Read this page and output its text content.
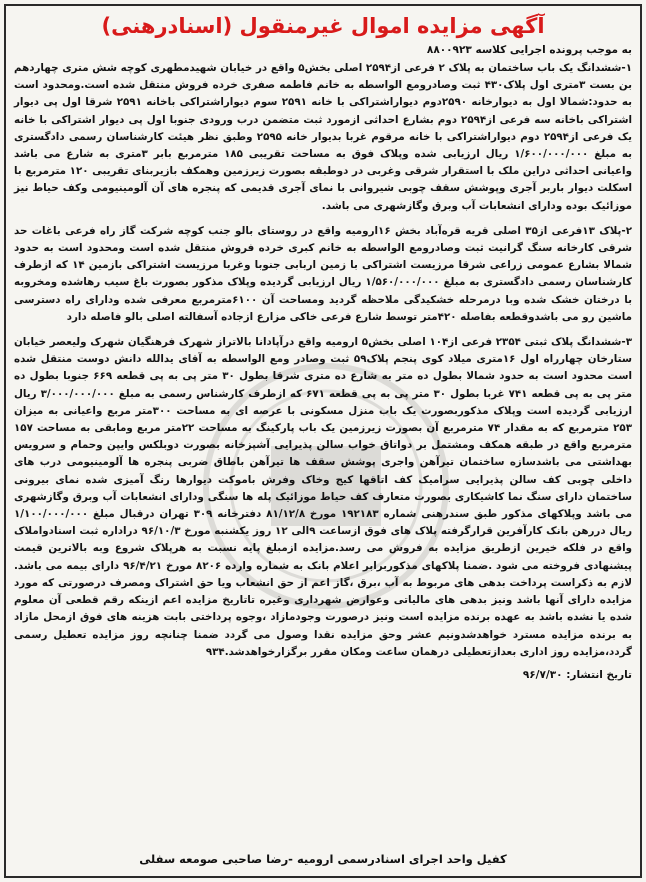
آگهی مزایده اموال غیرمنقول (اسنادرهنی)
به موجب پرونده اجرایی کلاسه ۸۸۰۰۹۲۳

۱-ششدانگ یک باب ساختمان به پلاک ۲ فرعی از۲۵۹۴ اصلی بخش۵ واقع در خیابان شهیدمطهری کوچه شش متری چهاردهم بن بست ۳متری اول پلاک۴۳۰ ثبت وصادرومع الواسطه به خانم فاطمه صفری خرده فروش منتقل شده است.ومحدود است به حدود:شمالا اول به دیوارخانه ۲۵۹۰دوم دیواراشتراکی با خانه ۲۵۹۱ سوم دیواراشتراکی باخانه ۲۵۹۱ شرقا اول پی دیوار اشتراکی باخانه سه فرعی از۲۵۹۴ دوم بشارع احداثی ازمورد ثبت متضمن درب ورودی جنوبا اول پی دیوار اشتراکی با خانه یک فرعی از۲۵۹۴ دوم دیواراشتراکی با خانه مرقوم غربا بدیوار خانه ۲۵۹۵ وطبق نظر هیئت کارشناسان رسمی دادگستری به مبلغ ۱/۶۰۰/۰۰۰/۰۰۰ ریال ارزیابی شده وپلاک فوق به مساحت تقریبی ۱۸۵ مترمربع بابر ۳متری به شارع می باشد واعیانی احداثی دراین ملک با استقرار شرقی وغربی در دوطبقه بصورت زیرزمین وهمکف بازیربنای تقریبی ۱۲۰ مترمربع با اسکلت دیوار باربر آجری وپوشش سقف چوبی شیروانی با نمای آجری قدیمی که پنجره های آن آلومینیومی وکف حیاط نیز موزائیک بوده ودارای انشعابات آب وبرق وگازشهری می باشد.

۲-پلاک ۱۳فرعی از۳۵ اصلی قریه قره‌آباد بخش ۱۶ارومیه واقع در روستای بالو جنب کوچه شرکت گاز راه فرعی باغات حد شرقی کارخانه سنگ گرانیت ثبت وصادرومع الواسطه به خانم کبری خرده فروش منتقل شده است ومحدود است به حدود شمالا بشارع عمومی زراعی شرقا مرزیست اشتراکی با زمین اربابی جنوبا وغربا مرزیست اشتراکی بازمین ۱۴ که ازطرف کارشناسان رسمی دادگستری به مبلغ ۱/۵۶۰/۰۰۰/۰۰۰ ریال ارزیابی گردیده وپلاک مذکور بصورت باغ سیب رهاشده ومخروبه با درختان خشک شده وبا درمرحله خشکیدگی ملاحظه گردید ومساحت آن ۶۱۰۰مترمربع معرفی شده ودارای راه دسترسی ماشین رو می باشدوقطعه بفاصله ۴۲۰متر توسط شارع فرعی خاکی مزارع ازجاده آسفالته اصلی بالو فاصله دارد

۳-ششدانگ پلاک ثبتی ۲۳۵۴ فرعی از۱۰۴ اصلی بخش۵ ارومیه واقع درآپادانا بالاتراز شهرک فرهنگیان شهرک ولیعصر خیابان ستارخان چهارراه اول ۱۶متری میلاد کوی پنجم پلاک۵۹ ثبت وصادر ومع الواسطه به آقای یدالله دانش دوست منتقل شده است محدود است به حدود شمالا بطول ده متر به شارع ده متری شرقا بطول ۳۰ متر پی به پی قطعه ۶۶۹ جنوبا بطول ده متر پی به پی قطعه ۷۴۱ غربا بطول ۳۰ متر پی به پی قطعه ۶۷۱ که ازطرف کارشناس رسمی به مبلغ ۳/۰۰۰/۰۰۰/۰۰۰ ریال ارزیابی گردیده است وپلاک مذکوربصورت یک باب منزل مسکونی با عرصه ای به مساحت ۳۰۰متر مربع واعیانی به میزان ۲۵۳ مترمربع که به مقدار ۷۴ مترمربع آن بصورت زیرزمین یک باب پارکینگ به مساحت ۲۲متر مربع ومابقی به مساحت ۱۵۷ مترمربع واقع در طبقه همکف ومشتمل بر دواتاق خواب سالن پذیرایی آشپزخانه بصورت دوبلکس وایپن وحمام و سرویس بهداشتی می باشدسازه ساختمان تیرآهن واجری پوشش سقف ها تیرآهن باطاق ضربی پنجره ها آلومینیومی درب های داخلی چوبی کف سالن پذیرایی سرامیک کف اتاقها کیج وخاک وفرش باموکت دیوارها رنگ آمیزی شده نمای بیرونی ساختمان دارای سنگ نما کاشیکاری بصورت متعارف کف حیاط موزائیک پله ها سنگی ودارای انشعابات آب وبرق وگازشهری می باشد وپلاکهای مذکور طبق سندرهنی شماره ۱۹۲۱۸۳ مورخ ۸۱/۱۲/۸ دفترخانه ۳۰۹ تهران درقبال مبلغ ۱/۱۰۰/۰۰۰/۰۰۰ ریال دررهن بانک کارآفرین قرارگرفته پلاک های فوق ازساعت ۹الی ۱۲ روز یکشنبه مورخ ۹۶/۱۰/۳ دراداره ثبت اسنادواملاک واقع در فلکه خیرین ازطریق مزایده به فروش می رسد.مزایده ازمبلغ پایه نسبت به هرپلاک شروع وبه بالاترین قیمت پیشنهادی فروخته می شود .ضمنا پلاکهای مذکوربرابر اعلام بانک به شماره وارده ۸۲۰۶ مورخ ۹۶/۴/۲۱ دارای بیمه می باشد. لازم به ذکراست پرداخت بدهی های مربوط به آب ،برق ،گاز اعم از حق انشعاب ویا حق اشتراک ومصرف درصورتی که مورد مزایده دارای آنها باشد ونیز بدهی های مالیاتی وعوارض شهرداری وغیره تاتاریخ مزایده اعم ازینکه رقم قطعی آن معلوم شده یا نشده باشد به عهده برنده مزایده است ونیز درصورت وجودمازاد ،وجوه پرداختی بابت هزینه های فوق ازمحل مازاد به برنده مزایده مسترد خواهدشدونیم عشر وحق مزایده نقدا وصول می گردد ضمنا چنانچه روز مزایده تعطیل رسمی گردد،مزایده روز اداری بعدازتعطیلی درهمان ساعت ومکان مقرر برگزارخواهدشد.۹۳۴

تاریخ انتشار: ۹۶/۷/۳۰
کفیل واحد اجرای اسنادرسمی ارومیه -رضا صاحبی صومعه سفلی
